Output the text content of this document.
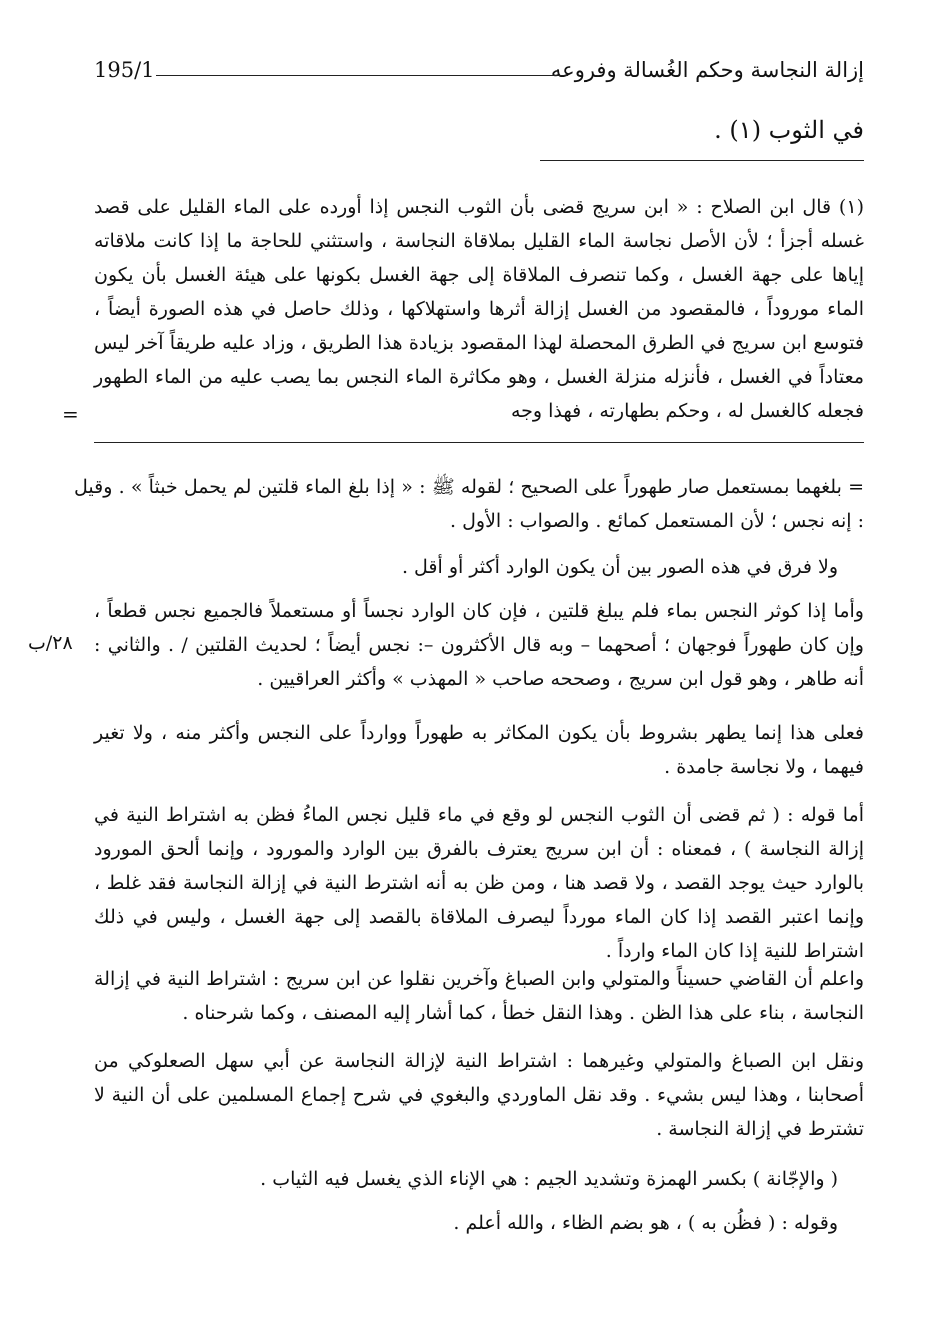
إزالة النجاسة وحكم الغُسالة وفروعه
195/1
في الثوب (١) .
(١) قال ابن الصلاح : « ابن سريج قضى بأن الثوب النجس إذا أورده على الماء القليل على قصد غسله أجزأ ؛ لأن الأصل نجاسة الماء القليل بملاقاة النجاسة ، واستثني للحاجة ما إذا كانت ملاقاته إياها على جهة الغسل ، وكما تنصرف الملاقاة إلى جهة الغسل بكونها على هيئة الغسل بأن يكون الماء موروداً ، فالمقصود من الغسل إزالة أثرها واستهلاكها ، وذلك حاصل في هذه الصورة أيضاً ، فتوسع ابن سريج في الطرق المحصلة لهذا المقصود بزيادة هذا الطريق ، وزاد عليه طريقاً آخر ليس معتاداً في الغسل ، فأنزله منزلة الغسل ، وهو مكاثرة الماء النجس بما يصب عليه من الماء الطهور فجعله كالغسل له ، وحكم بطهارته ، فهذا وجه
=
= بلغهما بمستعمل صار طهوراً على الصحيح ؛ لقوله ﷺ : « إذا بلغ الماء قلتين لم يحمل خبثاً » . وقيل : إنه نجس ؛ لأن المستعمل كمائع . والصواب : الأول .
ولا فرق في هذه الصور بين أن يكون الوارد أكثر أو أقل .
وأما إذا كوثر النجس بماء فلم يبلغ قلتين ، فإن كان الوارد نجساً أو مستعملاً فالجميع نجس قطعاً ، وإن كان طهوراً فوجهان ؛ أصحهما – وبه قال الأكثرون –: نجس أيضاً ؛ لحديث القلتين / . والثاني : أنه طاهر ، وهو قول ابن سريج ، وصححه صاحب « المهذب » وأكثر العراقيين .
٢٨/ب
فعلى هذا إنما يطهر بشروط بأن يكون المكاثر به طهوراً ووارداً على النجس وأكثر منه ، ولا تغير فيهما ، ولا نجاسة جامدة .
أما قوله : ( ثم قضى أن الثوب النجس لو وقع في ماء قليل نجس الماءُ فظن به اشتراط النية في إزالة النجاسة ) ، فمعناه : أن ابن سريج يعترف بالفرق بين الوارد والمورود ، وإنما ألحق المورود بالوارد حيث يوجد القصد ، ولا قصد هنا ، ومن ظن به أنه اشترط النية في إزالة النجاسة فقد غلط ، وإنما اعتبر القصد إذا كان الماء مورداً ليصرف الملاقاة بالقصد إلى جهة الغسل ، وليس في ذلك اشتراط للنية إذا كان الماء وارداً .
واعلم أن القاضي حسيناً والمتولي وابن الصباغ وآخرين نقلوا عن ابن سريج : اشتراط النية في إزالة النجاسة ، بناء على هذا الظن . وهذا النقل خطأ ، كما أشار إليه المصنف ، وكما شرحناه .
ونقل ابن الصباغ والمتولي وغيرهما : اشتراط النية لإزالة النجاسة عن أبي سهل الصعلوكي من أصحابنا ، وهذا ليس بشيء . وقد نقل الماوردي والبغوي في شرح إجماع المسلمين على أن النية لا تشترط في إزالة النجاسة .
( والإجّانة ) بكسر الهمزة وتشديد الجيم : هي الإناء الذي يغسل فيه الثياب .
وقوله : ( فظُن به ) ، هو بضم الظاء ، والله أعلم .
